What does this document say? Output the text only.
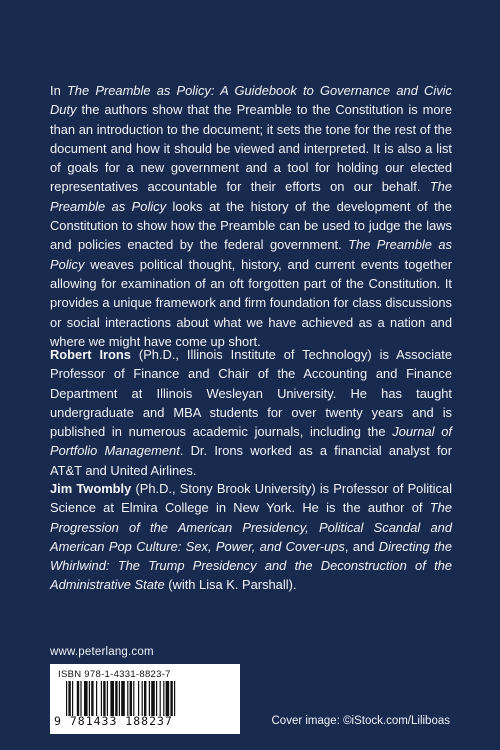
In The Preamble as Policy: A Guidebook to Governance and Civic Duty the authors show that the Preamble to the Constitution is more than an introduction to the document; it sets the tone for the rest of the document and how it should be viewed and interpreted. It is also a list of goals for a new government and a tool for holding our elected representatives accountable for their efforts on our behalf. The Preamble as Policy looks at the history of the development of the Constitution to show how the Preamble can be used to judge the laws and policies enacted by the federal government. The Preamble as Policy weaves political thought, history, and current events together allowing for examination of an oft forgotten part of the Constitution. It provides a unique framework and firm foundation for class discussions or social interactions about what we have achieved as a nation and where we might have come up short.

Robert Irons (Ph.D., Illinois Institute of Technology) is Associate Professor of Finance and Chair of the Accounting and Finance Department at Illinois Wesleyan University. He has taught undergraduate and MBA students for over twenty years and is published in numerous academic journals, including the Journal of Portfolio Management. Dr. Irons worked as a financial analyst for AT&T and United Airlines.

Jim Twombly (Ph.D., Stony Brook University) is Professor of Political Science at Elmira College in New York. He is the author of The Progression of the American Presidency, Political Scandal and American Pop Culture: Sex, Power, and Cover-ups, and Directing the Whirlwind: The Trump Presidency and the Deconstruction of the Administrative State (with Lisa K. Parshall).

www.peterlang.com
ISBN 978-1-4331-8823-7
9 781433 188237	Cover image: ©iStock.com/Liliboas
